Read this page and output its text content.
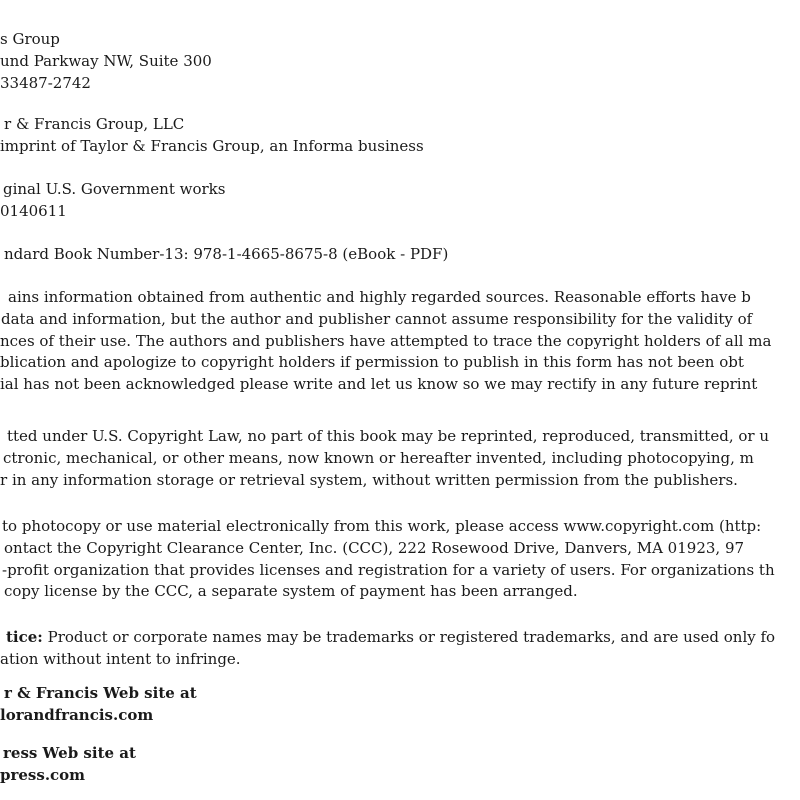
s Group
und Parkway NW, Suite 300
33487-2742
r & Francis Group, LLC
imprint of Taylor & Francis Group, an Informa business
ginal U.S. Government works
0140611
ndard Book Number-13: 978-1-4665-8675-8 (eBook - PDF)
ains information obtained from authentic and highly regarded sources. Reasonable efforts have b
data and information, but the author and publisher cannot assume responsibility for the validity of
nces of their use. The authors and publishers have attempted to trace the copyright holders of all ma
blication and apologize to copyright holders if permission to publish in this form has not been obt
ial has not been acknowledged please write and let us know so we may rectify in any future reprint
tted under U.S. Copyright Law, no part of this book may be reprinted, reproduced, transmitted, or u
ctronic, mechanical, or other means, now known or hereafter invented, including photocopying, m
r in any information storage or retrieval system, without written permission from the publishers.
to photocopy or use material electronically from this work, please access www.copyright.com (http:
ontact the Copyright Clearance Center, Inc. (CCC), 222 Rosewood Drive, Danvers, MA 01923, 97
-profit organization that provides licenses and registration for a variety of users. For organizations th
copy license by the CCC, a separate system of payment has been arranged.
tice: Product or corporate names may be trademarks or registered trademarks, and are used only fo
ation without intent to infringe.
r & Francis Web site at
lorandfrancis.com
ress Web site at
press.com
